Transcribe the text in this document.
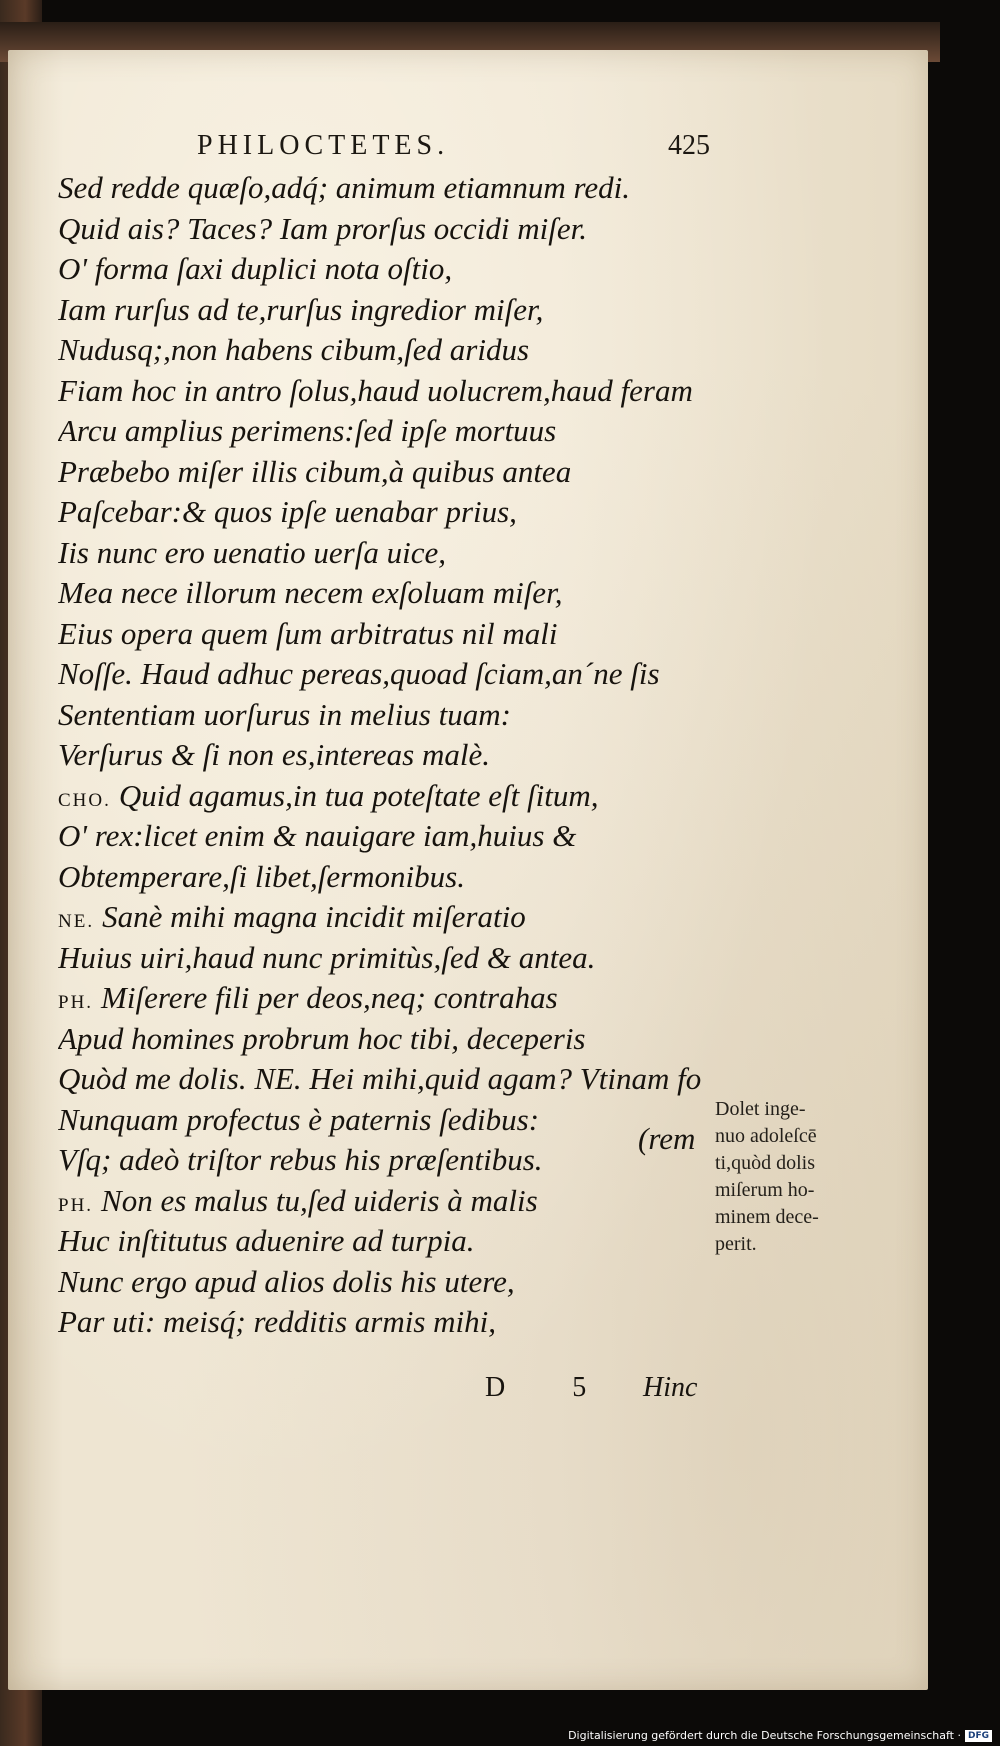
PHILOCTETES.	425
Sed redde quæſo,adq́; animum etiamnum redi.
Quid ais? Taces? Iam prorſus occidi miſer.
O' forma ſaxi duplici nota oſtio,
Iam rurſus ad te,rurſus ingredior miſer,
Nudusq;,non habens cibum,ſed aridus
Fiam hoc in antro ſolus,haud uolucrem,haud feram
Arcu amplius perimens:ſed ipſe mortuus
Præbebo miſer illis cibum,à quibus antea
Paſcebar:& quos ipſe uenabar prius,
Iis nunc ero uenatio uerſa uice,
Mea nece illorum necem exſoluam miſer,
Eius opera quem ſum arbitratus nil mali
Noſſe. Haud adhuc pereas,quoad ſciam,an´ne ſis
Sententiam uorſurus in melius tuam:
Verſurus & ſi non es,intereas malè.
CHO. Quid agamus,in tua poteſtate eſt ſitum,
O' rex:licet enim & nauigare iam,huius &
Obtemperare,ſi libet,ſermonibus.
NE. Sanè mihi magna incidit miſeratio
Huius uiri,haud nunc primitùs,ſed & antea.
PH. Miſerere fili per deos,neq; contrahas
Apud homines probrum hoc tibi, deceperis
Quòd me dolis. NE. Hei mihi,quid agam? Vtinam fo
Nunquam profectus è paternis ſedibus:
Vſq; adeò triſtor rebus his præſentibus.
PH. Non es malus tu,ſed uideris à malis
Huc inſtitutus aduenire ad turpia.
Nunc ergo apud alios dolis his utere,
Par uti: meisq́; redditis armis mihi,
(rem
Dolet inge-
nuo adoleſcē
ti,quòd dolis
miſerum ho-
minem dece-
perit.
D 5 Hinc
Digitalisierung gefördert durch die Deutsche Forschungsgemeinschaft · DFG
